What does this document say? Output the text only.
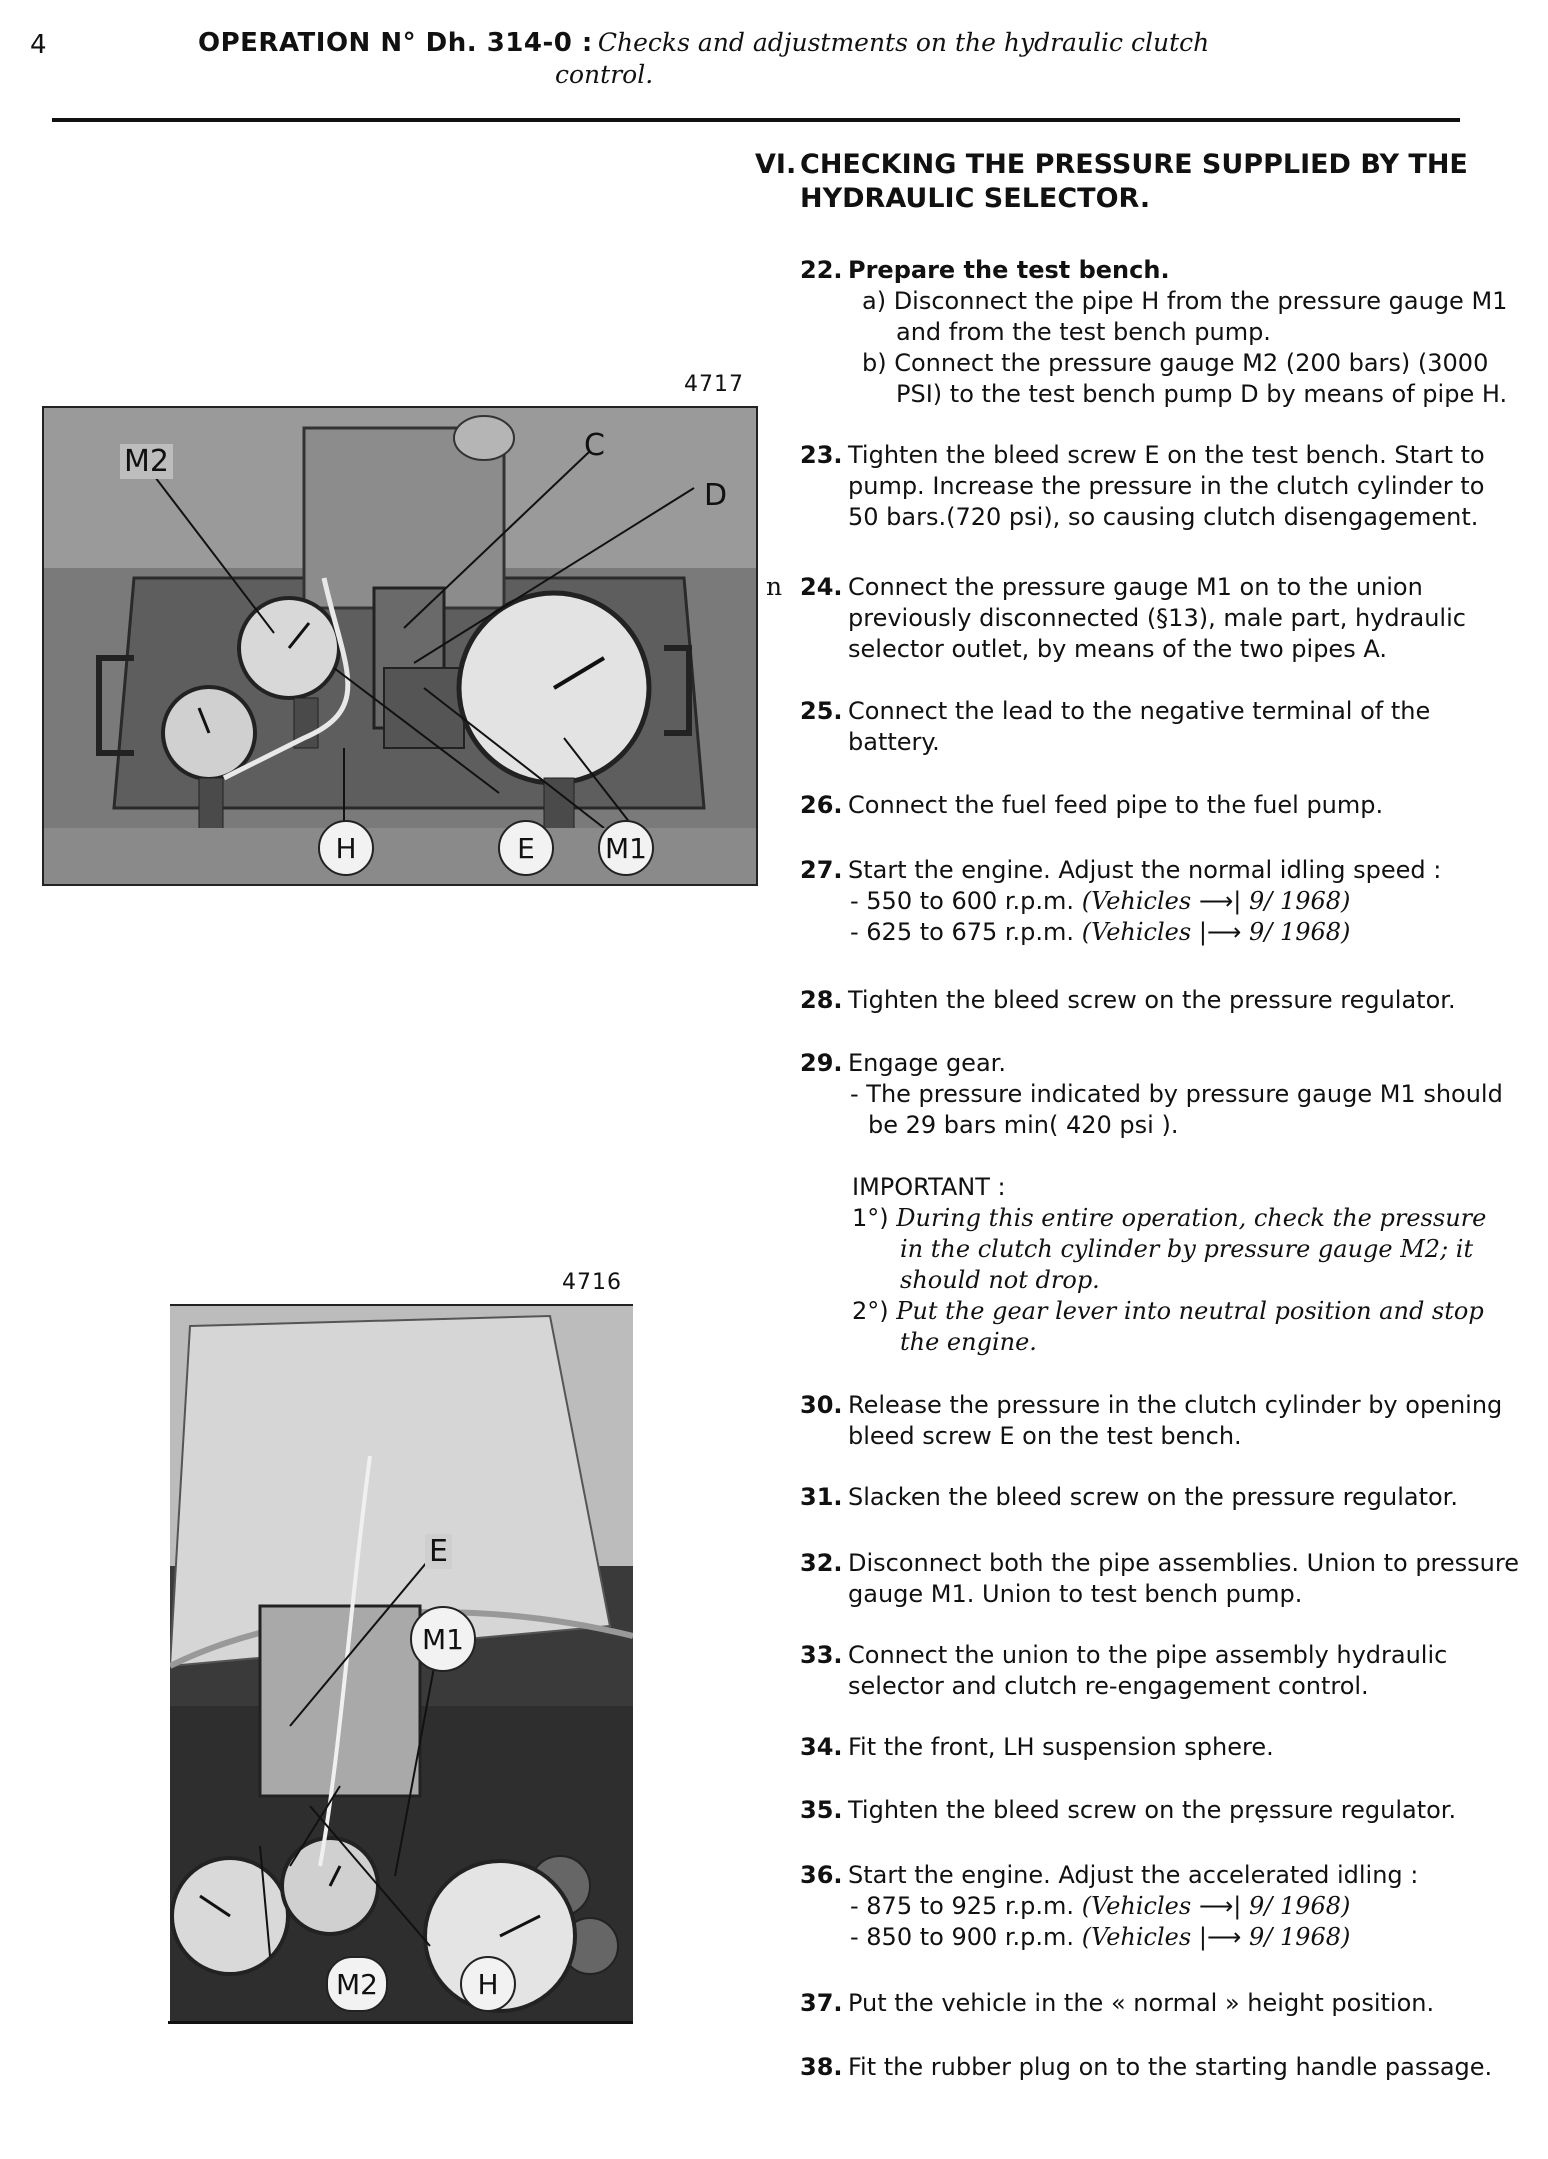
4	OPERATION N° Dh. 314-0 : Checks and adjustments on the hydraulic clutch
control.
VI. CHECKING THE PRESSURE SUPPLIED BY THE
HYDRAULIC SELECTOR.
4717
M2	C
D
H	E	M1
n
4716
E
M1
M2	H
22. Prepare the test bench.
a) Disconnect the pipe H from the pressure gauge M1 and from the test bench pump.
b) Connect the pressure gauge M2 (200 bars) (3000 PSI) to the test bench pump D by means of pipe H.
23. Tighten the bleed screw E on the test bench. Start to pump. Increase the pressure in the clutch cylinder to 50 bars.(720 psi), so causing clutch disengagement.
24. Connect the pressure gauge M1 on to the union previously disconnected (§13), male part, hydraulic selector outlet, by means of the two pipes A.
25. Connect the lead to the negative terminal of the battery.
26. Connect the fuel feed pipe to the fuel pump.
27. Start the engine. Adjust the normal idling speed :
- 550 to 600 r.p.m. (Vehicles ⟶| 9/ 1968)
- 625 to 675 r.p.m. (Vehicles |⟶ 9/ 1968)
28. Tighten the bleed screw on the pressure regulator.
29. Engage gear.
- The pressure indicated by pressure gauge M1 should be 29 bars min( 420 psi ).
IMPORTANT :
1°) During this entire operation, check the pressure in the clutch cylinder by pressure gauge M2; it should not drop.
2°) Put the gear lever into neutral position and stop the engine.
30. Release the pressure in the clutch cylinder by opening bleed screw E on the test bench.
31. Slacken the bleed screw on the pressure regulator.
32. Disconnect both the pipe assemblies. Union to pressure gauge M1. Union to test bench pump.
33. Connect the union to the pipe assembly hydraulic selector and clutch re-engagement control.
34. Fit the front, LH suspension sphere.
35. Tighten the bleed screw on the prȩssure regulator.
36. Start the engine. Adjust the accelerated idling :
- 875 to 925 r.p.m. (Vehicles ⟶| 9/ 1968)
- 850 to 900 r.p.m. (Vehicles |⟶ 9/ 1968)
37. Put the vehicle in the « normal » height position.
38. Fit the rubber plug on to the starting handle passage.
